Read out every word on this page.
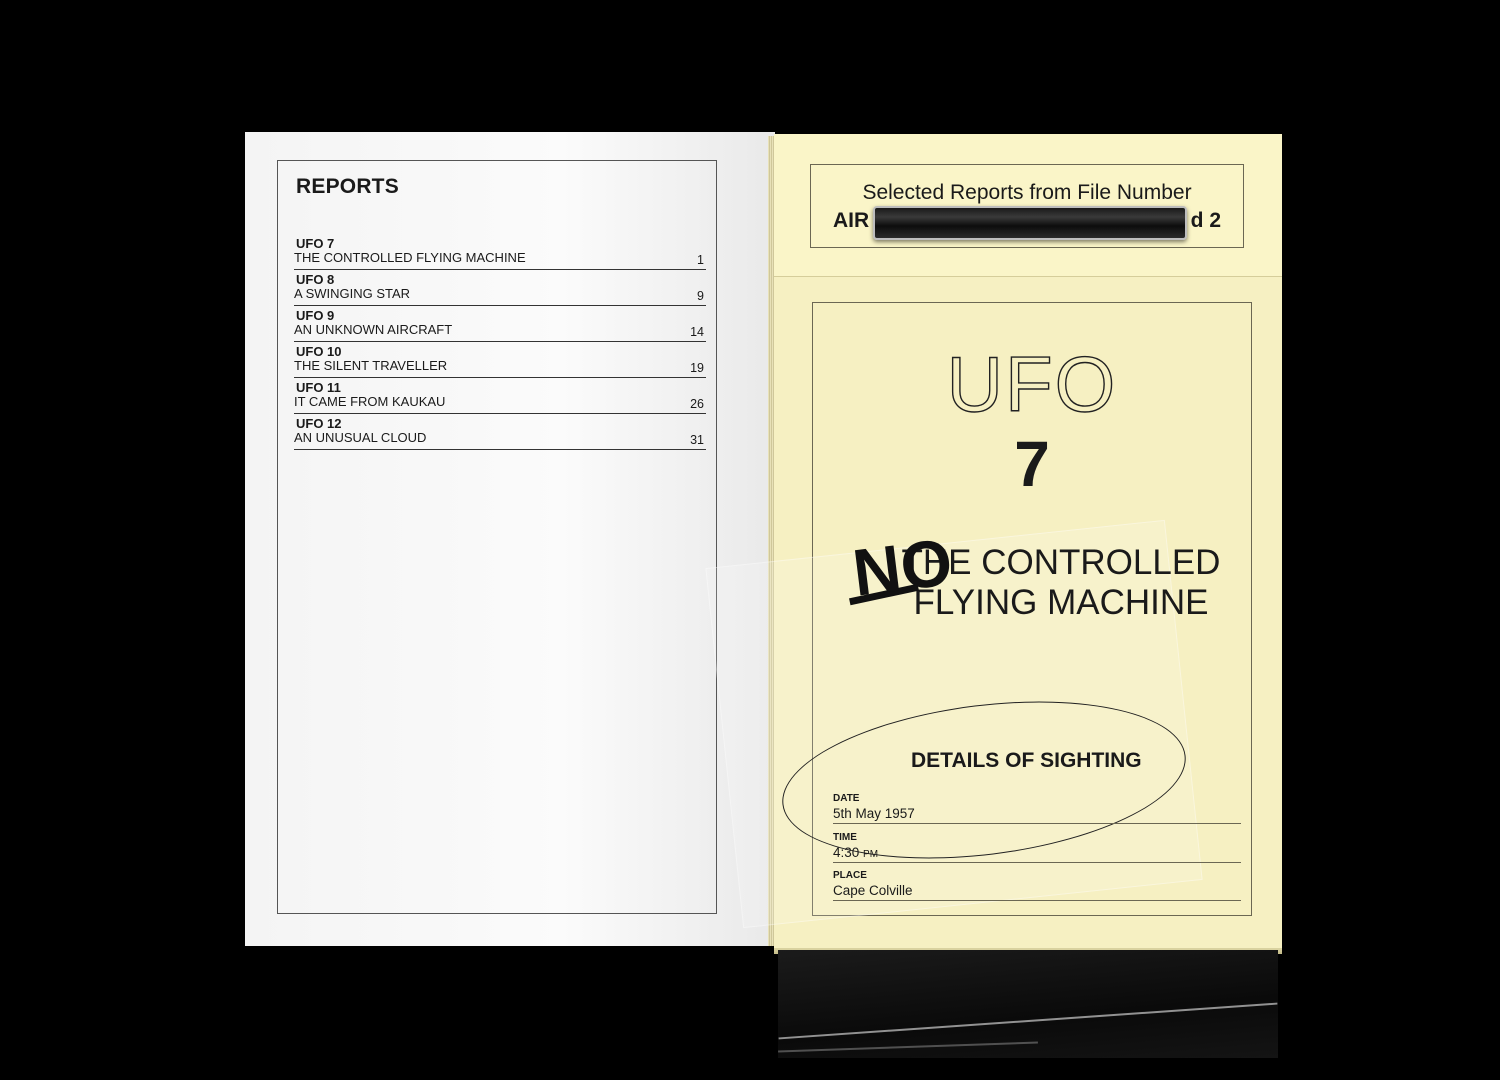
REPORTS
UFO 7
THE CONTROLLED FLYING MACHINE	1
UFO 8
A SWINGING STAR	9
UFO 9
AN UNKNOWN AIRCRAFT	14
UFO 10
THE SILENT TRAVELLER	19
UFO 11
IT CAME FROM KAUKAU	26
UFO 12
AN UNUSUAL CLOUD	31
Selected Reports from File Number
AIR	d 2
UFO
7
THE CONTROLLED
FLYING MACHINE
NO
DETAILS OF SIGHTING
DATE
5th May 1957
TIME
4:30 PM
PLACE
Cape Colville
